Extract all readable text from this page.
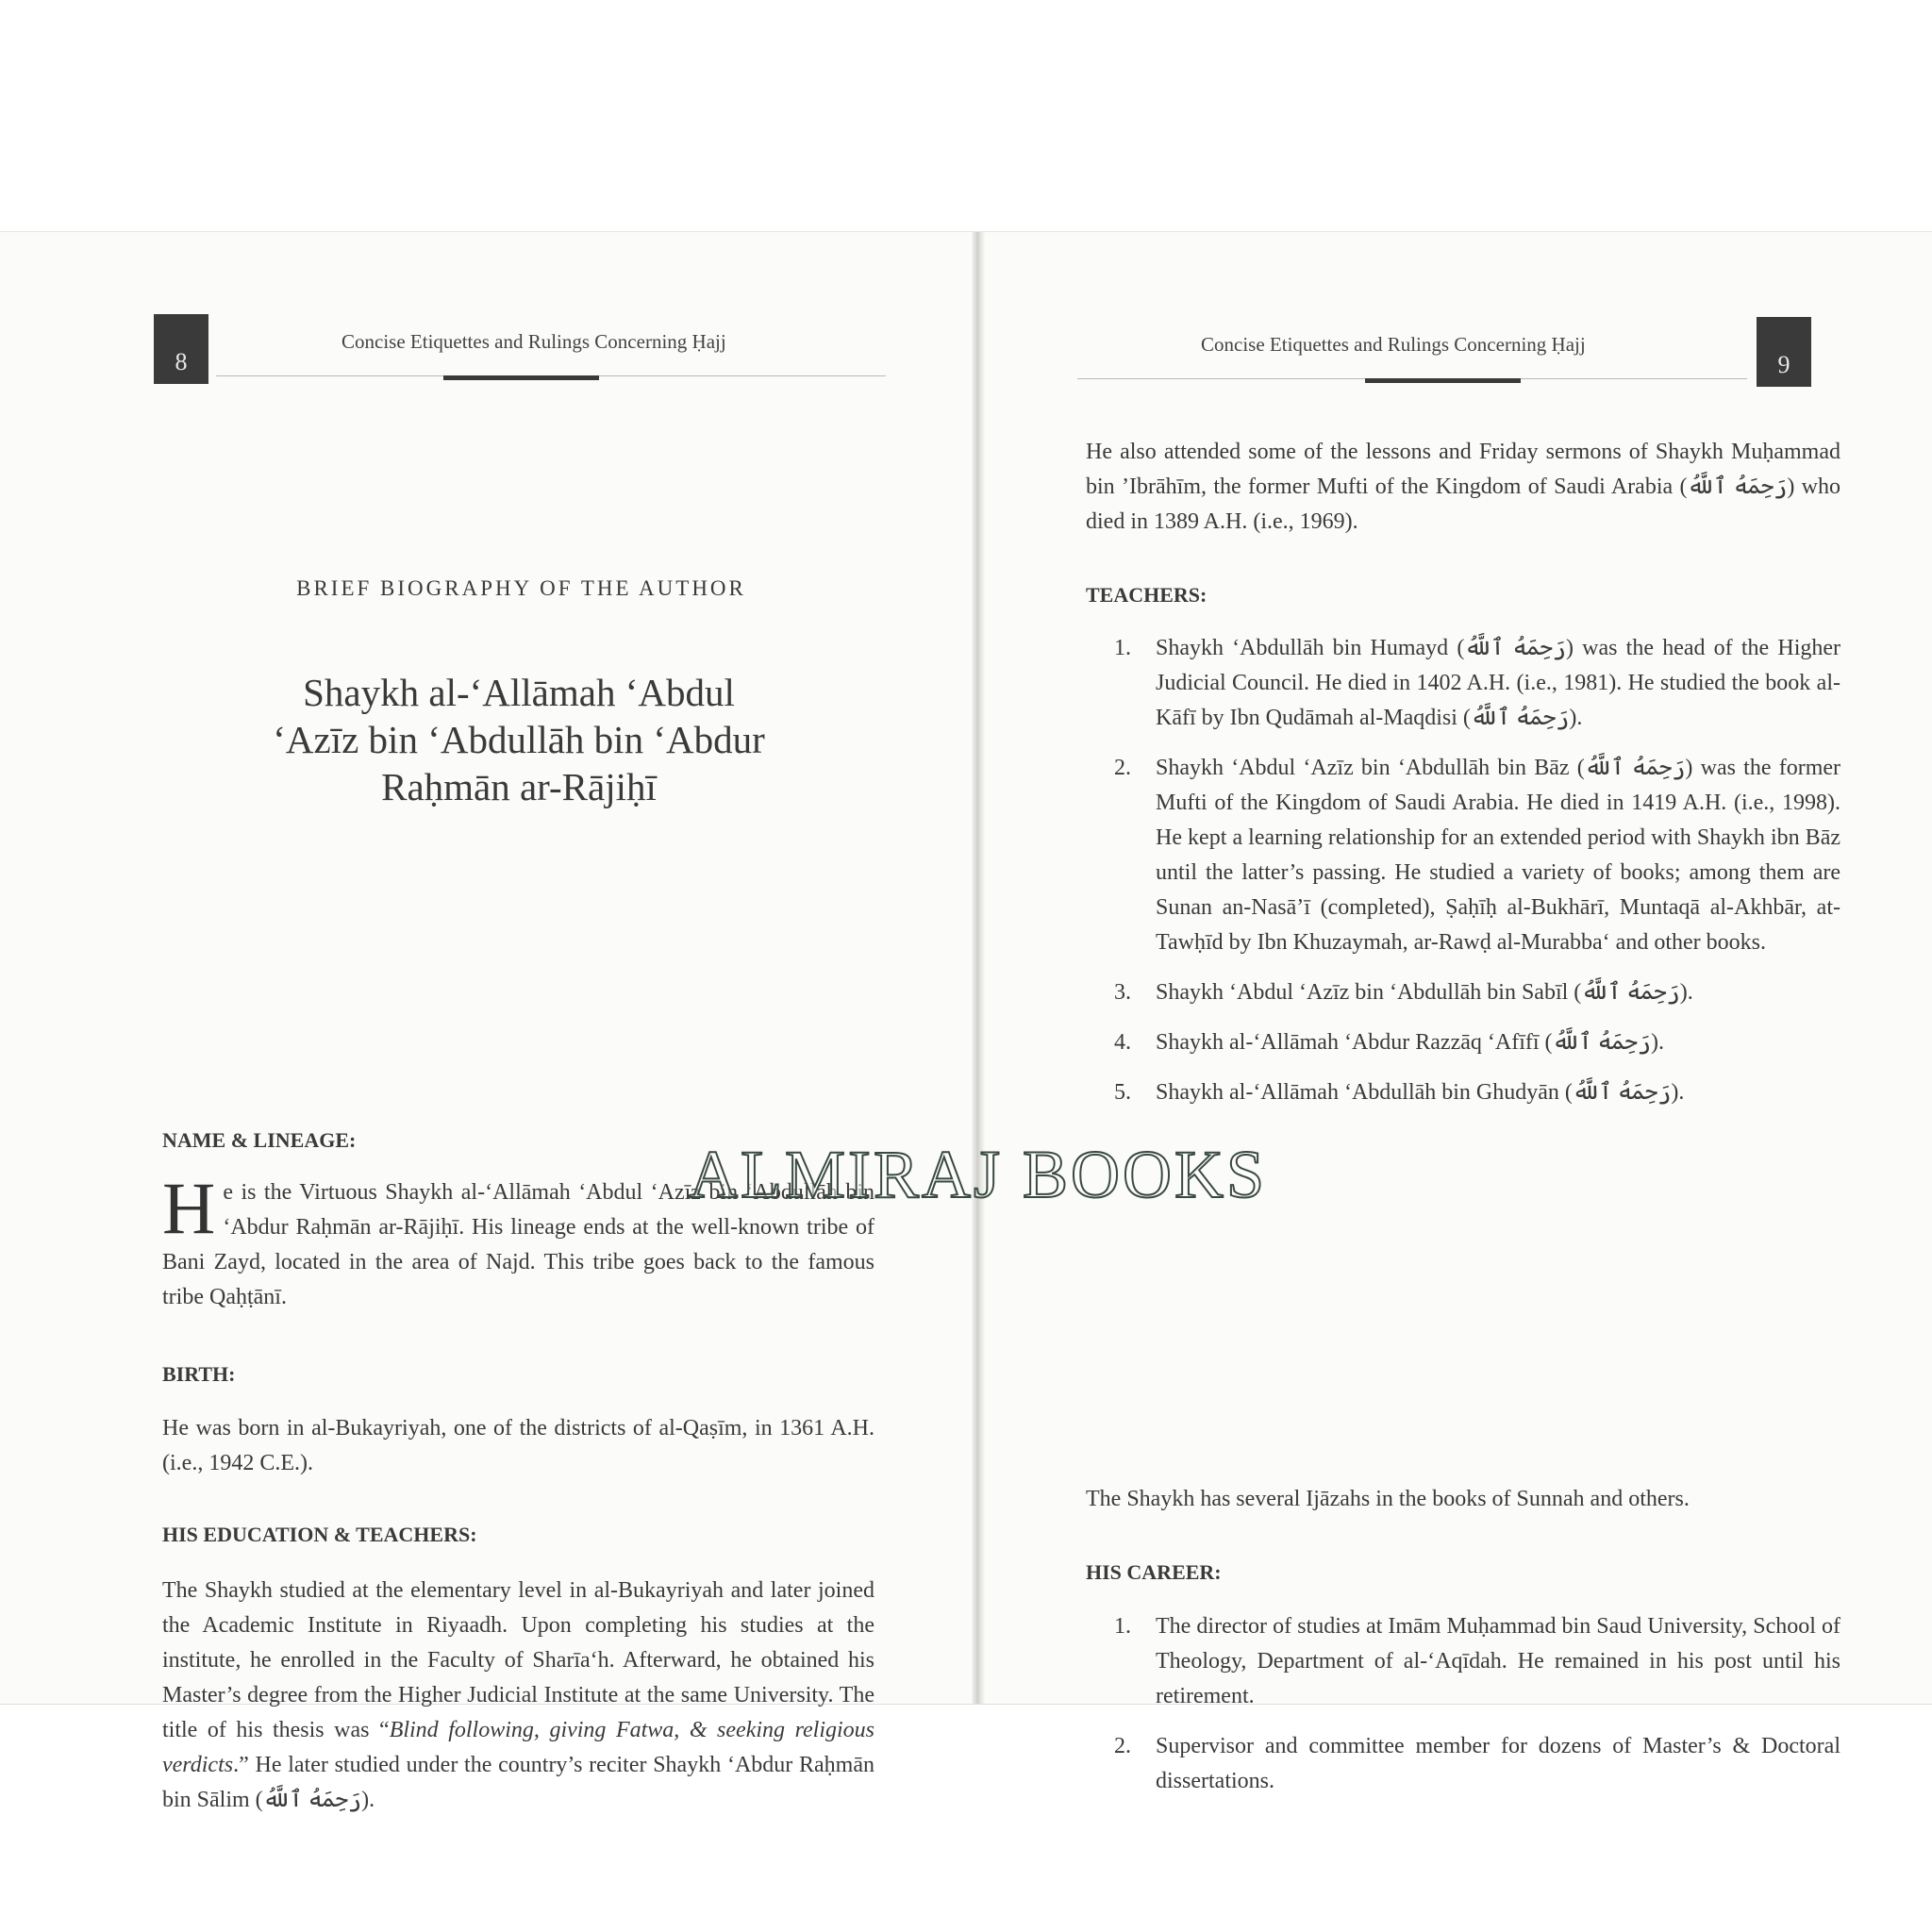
8
Concise Etiquettes and Rulings Concerning Ḥajj
BRIEF BIOGRAPHY OF THE AUTHOR
Shaykh al-‘Allāmah ‘Abdul
‘Azīz bin ‘Abdullāh bin ‘Abdur
Raḥmān ar-Rājiḥī
NAME & LINEAGE:
He is the Virtuous Shaykh al-‘Allāmah ‘Abdul ‘Azīz bin ‘Abdullāh bin ‘Abdur Raḥmān ar-Rājiḥī. His lineage ends at the well-known tribe of Bani Zayd, located in the area of Najd. This tribe goes back to the famous tribe Qaḥṭānī.
BIRTH:
He was born in al-Bukayriyah, one of the districts of al-Qaṣīm, in 1361 A.H. (i.e., 1942 C.E.).
HIS EDUCATION & TEACHERS:
The Shaykh studied at the elementary level in al-Bukayriyah and later joined the Academic Institute in Riyaadh. Upon completing his studies at the institute, he enrolled in the Faculty of Sharīa‘h. Afterward, he obtained his Master’s degree from the Higher Judicial Institute at the same University. The title of his thesis was “Blind following, giving Fatwa, & seeking religious verdicts.” He later studied under the country’s reciter Shaykh ‘Abdur Raḥmān bin Sālim (رَحِمَهُ ٱللَّهُ).
9
Concise Etiquettes and Rulings Concerning Ḥajj
He also attended some of the lessons and Friday sermons of Shaykh Muḥammad bin ’Ibrāhīm, the former Mufti of the Kingdom of Saudi Arabia (رَحِمَهُ ٱللَّهُ) who died in 1389 A.H. (i.e., 1969).
TEACHERS:
1.	Shaykh ‘Abdullāh bin Humayd (رَحِمَهُ ٱللَّهُ) was the head of the Higher Judicial Council. He died in 1402 A.H. (i.e., 1981). He studied the book al-Kāfī by Ibn Qudāmah al-Maqdisi (رَحِمَهُ ٱللَّهُ).
2.	Shaykh ‘Abdul ‘Azīz bin ‘Abdullāh bin Bāz (رَحِمَهُ ٱللَّهُ) was the former Mufti of the Kingdom of Saudi Arabia. He died in 1419 A.H. (i.e., 1998). He kept a learning relationship for an extended period with Shaykh ibn Bāz until the latter’s passing. He studied a variety of books; among them are Sunan an-Nasā’ī (completed), Ṣaḥīḥ al-Bukhārī, Muntaqā al-Akhbār, at-Tawḥīd by Ibn Khuzaymah, ar-Rawḍ al-Murabba‘ and other books.
3.	Shaykh ‘Abdul ‘Azīz bin ‘Abdullāh bin Sabīl (رَحِمَهُ ٱللَّهُ).
4.	Shaykh al-‘Allāmah ‘Abdur Razzāq ‘Afīfī (رَحِمَهُ ٱللَّهُ).
5.	Shaykh al-‘Allāmah ‘Abdullāh bin Ghudyān (رَحِمَهُ ٱللَّهُ).
The Shaykh has several Ijāzahs in the books of Sunnah and others.
HIS CAREER:
1.	The director of studies at Imām Muḥammad bin Saud University, School of Theology, Department of al-‘Aqīdah. He remained in his post until his retirement.
2.	Supervisor and committee member for dozens of Master’s & Doctoral dissertations.
ALMIRAJ BOOKS
